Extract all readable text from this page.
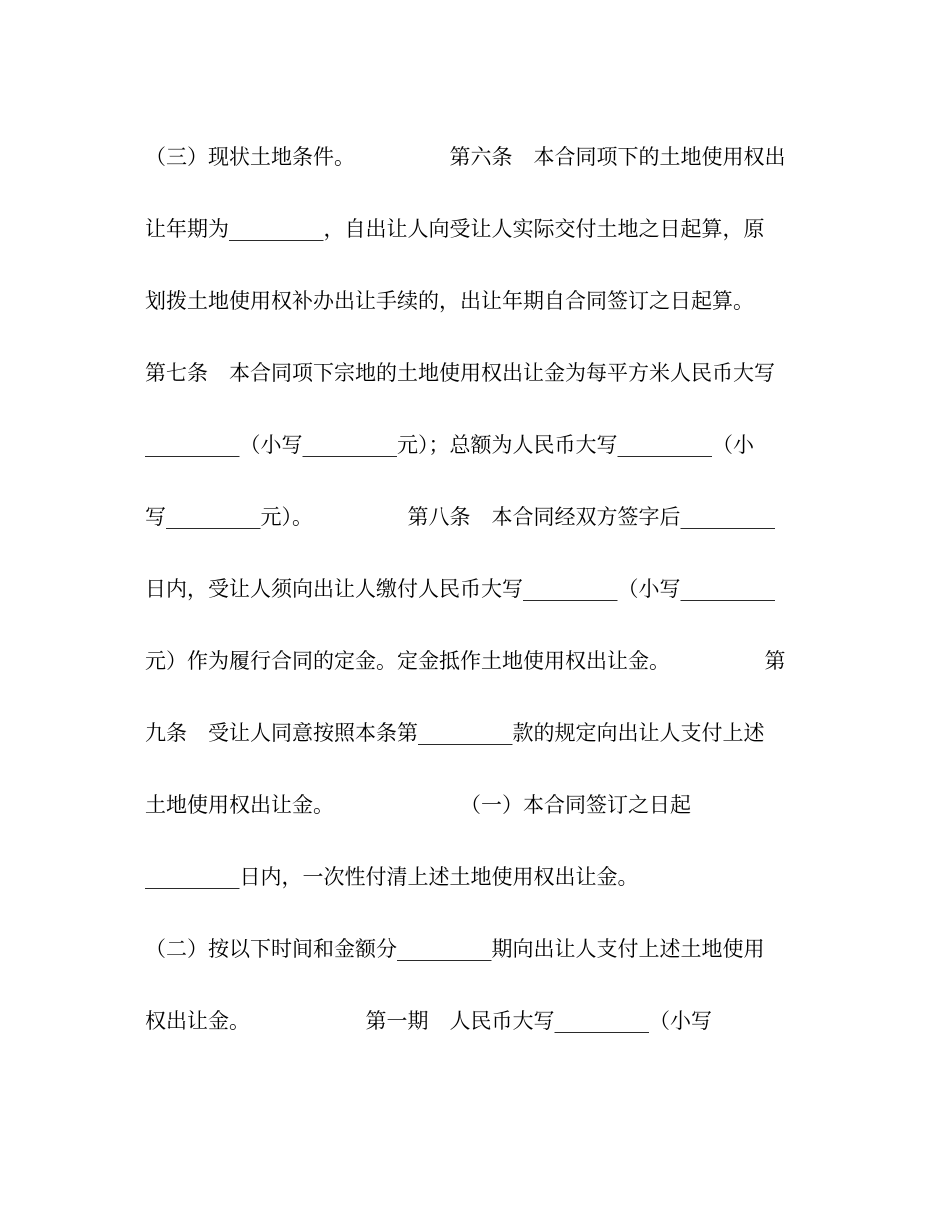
（三）现状土地条件。　　　　　第六条　本合同项下的土地使用权出
让年期为_________，自出让人向受让人实际交付土地之日起算，原
划拨土地使用权补办出让手续的，出让年期自合同签订之日起算。
第七条　本合同项下宗地的土地使用权出让金为每平方米人民币大写
_________（小写_________元）；总额为人民币大写_________（小
写_________元）。　　　　　第八条　本合同经双方签字后_________
日内，受让人须向出让人缴付人民币大写_________（小写_________
元）作为履行合同的定金。定金抵作土地使用权出让金。　　　　　第
九条　受让人同意按照本条第_________款的规定向出让人支付上述
土地使用权出让金。　　　　　　　（一）本合同签订之日起
_________日内，一次性付清上述土地使用权出让金。
（二）按以下时间和金额分_________期向出让人支付上述土地使用
权出让金。　　　　　　第一期　人民币大写_________（小写
